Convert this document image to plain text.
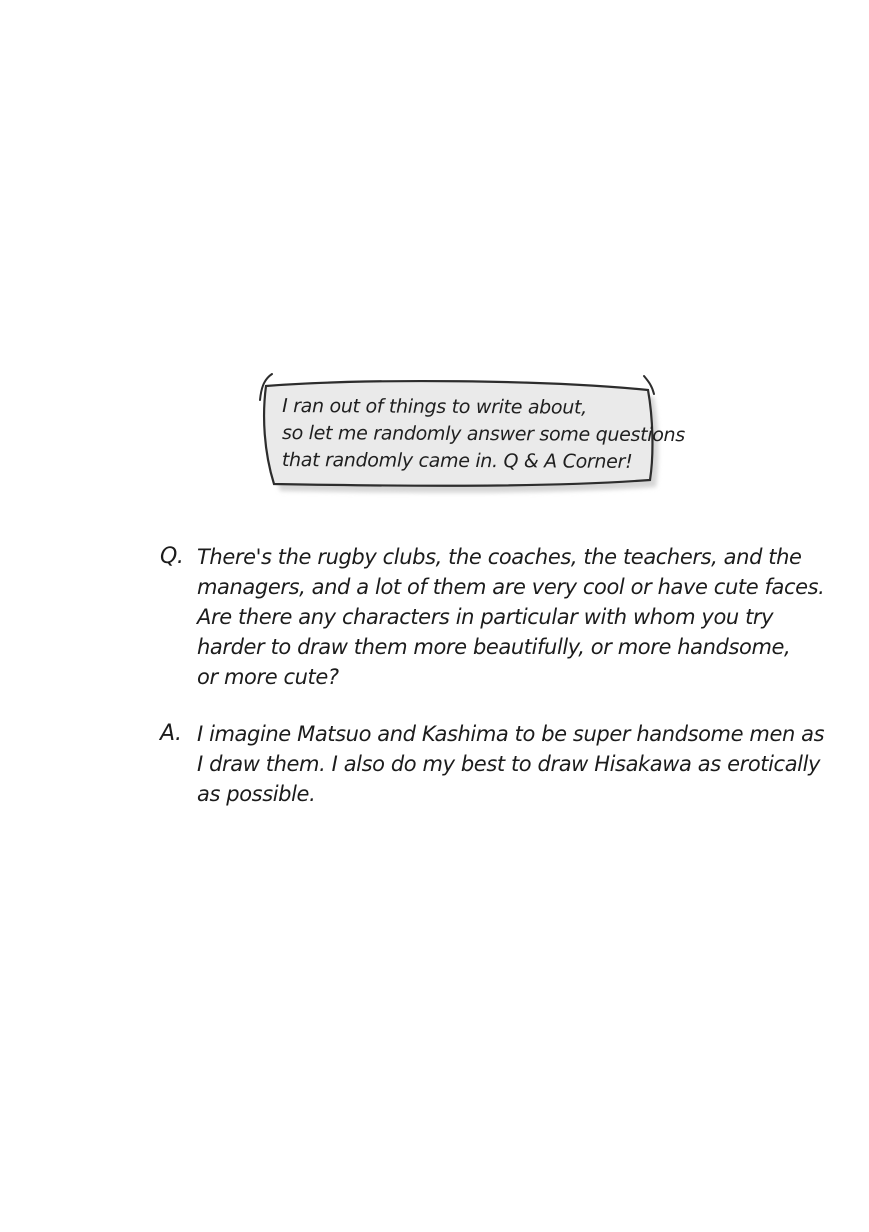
I ran out of things to write about,
so let me randomly answer some questions
that randomly came in. Q & A Corner!
Q. There's the rugby clubs, the coaches, the teachers, and the
managers, and a lot of them are very cool or have cute faces.
Are there any characters in particular with whom you try
harder to draw them more beautifully, or more handsome,
or more cute?
A. I imagine Matsuo and Kashima to be super handsome men as
I draw them. I also do my best to draw Hisakawa as erotically
as possible.
